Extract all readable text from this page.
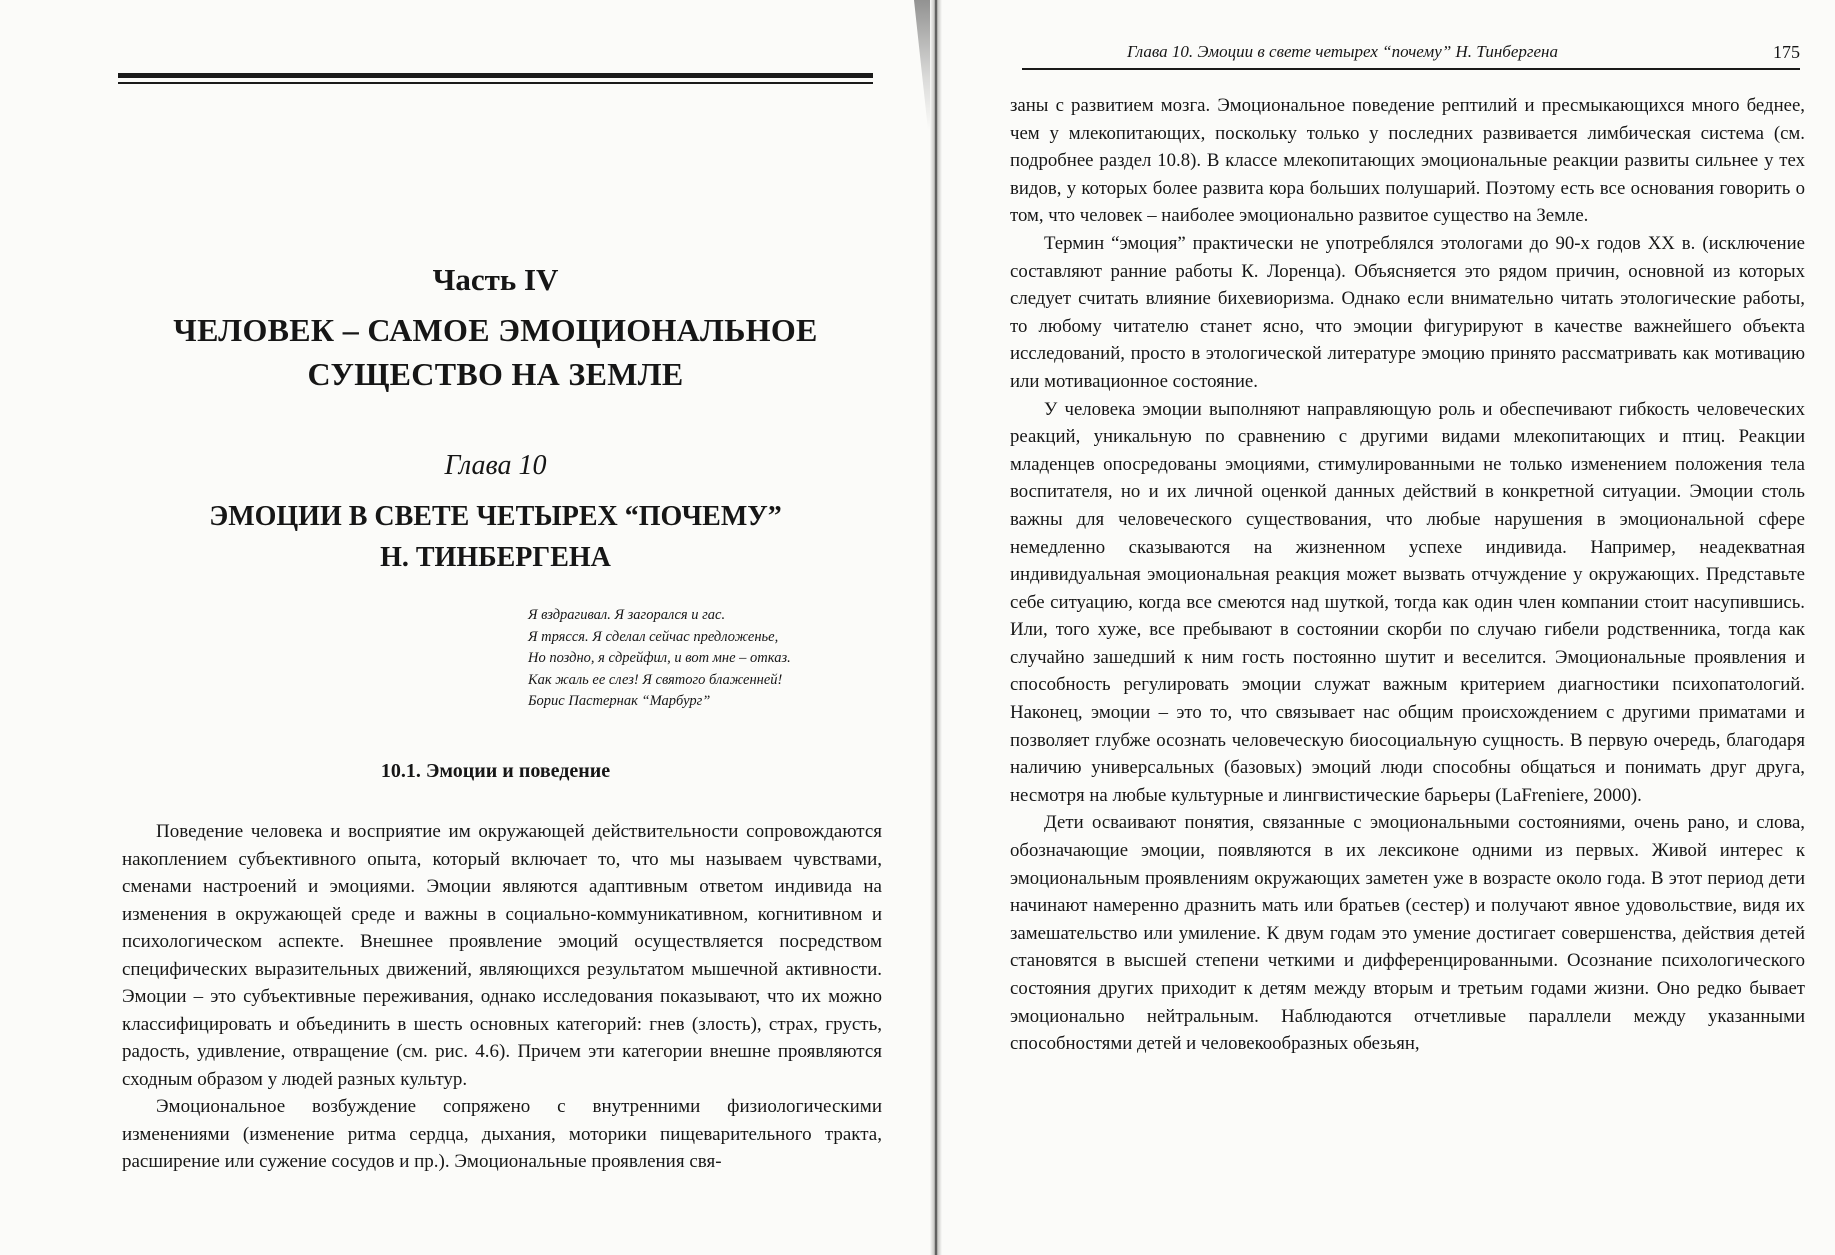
Часть IV
ЧЕЛОВЕК – САМОЕ ЭМОЦИОНАЛЬНОЕ
СУЩЕСТВО НА ЗЕМЛЕ
Глава 10
ЭМОЦИИ В СВЕТЕ ЧЕТЫРЕХ “ПОЧЕМУ”
Н. ТИНБЕРГЕНА
Я вздрагивал. Я загорался и гас.
Я трясся. Я сделал сейчас предложенье,
Но поздно, я сдрейфил, и вот мне – отказ.
Как жаль ее слез! Я святого блаженней!
Борис Пастернак “Марбург”
10.1. Эмоции и поведение

Поведение человека и восприятие им окружающей действительности сопровождаются накоплением субъективного опыта, который включает то, что мы называем чувствами, сменами настроений и эмоциями. Эмоции являются адаптивным ответом индивида на изменения в окружающей среде и важны в социально-коммуникативном, когнитивном и психологическом аспекте. Внешнее проявление эмоций осуществляется посредством специфических выразительных движений, являющихся результатом мышечной активности. Эмоции – это субъективные переживания, однако исследования показывают, что их можно классифицировать и объединить в шесть основных категорий: гнев (злость), страх, грусть, радость, удивление, отвращение (см. рис. 4.6). Причем эти категории внешне проявляются сходным образом у людей разных культур.

Эмоциональное возбуждение сопряжено с внутренними физиологическими изменениями (изменение ритма сердца, дыхания, моторики пищеварительного тракта, расширение или сужение сосудов и пр.). Эмоциональные проявления свя-

Глава 10. Эмоции в свете четырех “почему” Н. Тинбергена	175

заны с развитием мозга. Эмоциональное поведение рептилий и пресмыкающихся много беднее, чем у млекопитающих, поскольку только у последних развивается лимбическая система (см. подробнее раздел 10.8). В классе млекопитающих эмоциональные реакции развиты сильнее у тех видов, у которых более развита кора больших полушарий. Поэтому есть все основания говорить о том, что человек – наиболее эмоционально развитое существо на Земле.

Термин “эмоция” практически не употреблялся этологами до 90-х годов XX в. (исключение составляют ранние работы К. Лоренца). Объясняется это рядом причин, основной из которых следует считать влияние бихевиоризма. Однако если внимательно читать этологические работы, то любому читателю станет ясно, что эмоции фигурируют в качестве важнейшего объекта исследований, просто в этологической литературе эмоцию принято рассматривать как мотивацию или мотивационное состояние.

У человека эмоции выполняют направляющую роль и обеспечивают гибкость человеческих реакций, уникальную по сравнению с другими видами млекопитающих и птиц. Реакции младенцев опосредованы эмоциями, стимулированными не только изменением положения тела воспитателя, но и их личной оценкой данных действий в конкретной ситуации. Эмоции столь важны для человеческого существования, что любые нарушения в эмоциональной сфере немедленно сказываются на жизненном успехе индивида. Например, неадекватная индивидуальная эмоциональная реакция может вызвать отчуждение у окружающих. Представьте себе ситуацию, когда все смеются над шуткой, тогда как один член компании стоит насупившись. Или, того хуже, все пребывают в состоянии скорби по случаю гибели родственника, тогда как случайно зашедший к ним гость постоянно шутит и веселится. Эмоциональные проявления и способность регулировать эмоции служат важным критерием диагностики психопатологий. Наконец, эмоции – это то, что связывает нас общим происхождением с другими приматами и позволяет глубже осознать человеческую биосоциальную сущность. В первую очередь, благодаря наличию универсальных (базовых) эмоций люди способны общаться и понимать друг друга, несмотря на любые культурные и лингвистические барьеры (LaFreniere, 2000).

Дети осваивают понятия, связанные с эмоциональными состояниями, очень рано, и слова, обозначающие эмоции, появляются в их лексиконе одними из первых. Живой интерес к эмоциональным проявлениям окружающих заметен уже в возрасте около года. В этот период дети начинают намеренно дразнить мать или братьев (сестер) и получают явное удовольствие, видя их замешательство или умиление. К двум годам это умение достигает совершенства, действия детей становятся в высшей степени четкими и дифференцированными. Осознание психологического состояния других приходит к детям между вторым и третьим годами жизни. Оно редко бывает эмоционально нейтральным. Наблюдаются отчетливые параллели между указанными способностями детей и человекообразных обезьян,
